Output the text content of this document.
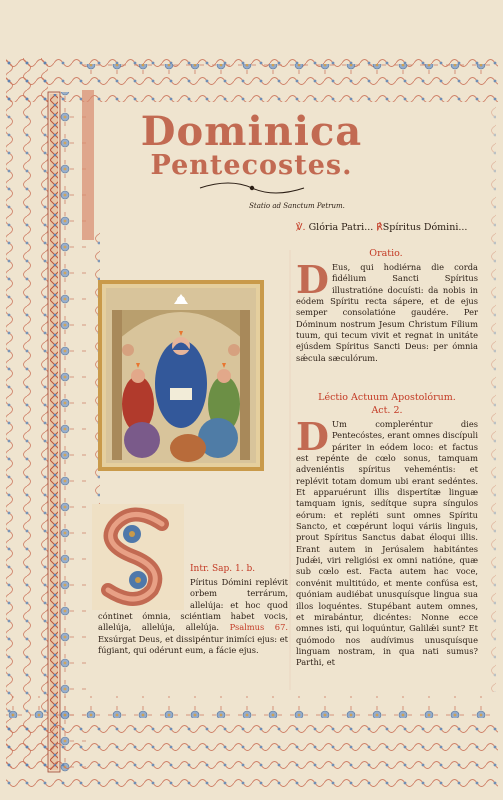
Dominica
Pentecostes.
Statio ad Sanctum Petrum.
℣. Glória Patri... ℟Spíritus Dómini...
Oratio.
D Eus, qui hodiérna die corda fidélium Sancti Spíritus illustratióne docuísti: da nobis in eódem Spíritu recta sápere, et de ejus semper consolatióne gaudére. Per Dóminum nostrum Jesum Christum Fílium tuum, qui tecum vivit et regnat in unitáte ejúsdem Spíritus Sancti Deus: per ómnia sǽcula sæculórum.
Léctio Actuum Apostolórum.
Act. 2.
D Um compleréntur dies Pentecóstes, erant omnes discípuli páriter in eódem loco: et factus est repénte de cœlo sonus, tamquam adveniéntis spíritus veheméntis: et replévit totam domum ubi erant sedéntes. Et apparuérunt illis dispertítæ linguæ tamquam ignis, sedítque supra síngulos eórum: et repléti sunt omnes Spíritu Sancto, et cœpérunt loqui váriis linguis, prout Spíritus Sanctus dabat éloqui illis. Erant autem in Jerúsalem habitántes Judǽi, viri religiósi ex omni natióne, quæ sub cœlo est. Facta autem hac voce, convénit multitúdo, et mente confúsa est, quóniam audiébat unusquísque lingua sua illos loquéntes. Stupébant autem omnes, et mirabántur, dicéntes: Nonne ecce omnes isti, qui loquúntur, Galilǽi sunt? Et quómodo nos audívimus unusquísque linguam nostram, in qua nati sumus? Parthi, et
Intr. Sap. 1. b.
Píritus Dómini replévit orbem terrárum, allelúja: et hoc quod cóntinet ómnia, sciéntiam habet vocis, allelúja, allelúja, allelúja. Psalmus 67. Exsúrgat Deus, et dissipéntur inimíci ejus: et fúgiant, qui odérunt eum, a fácie ejus.
